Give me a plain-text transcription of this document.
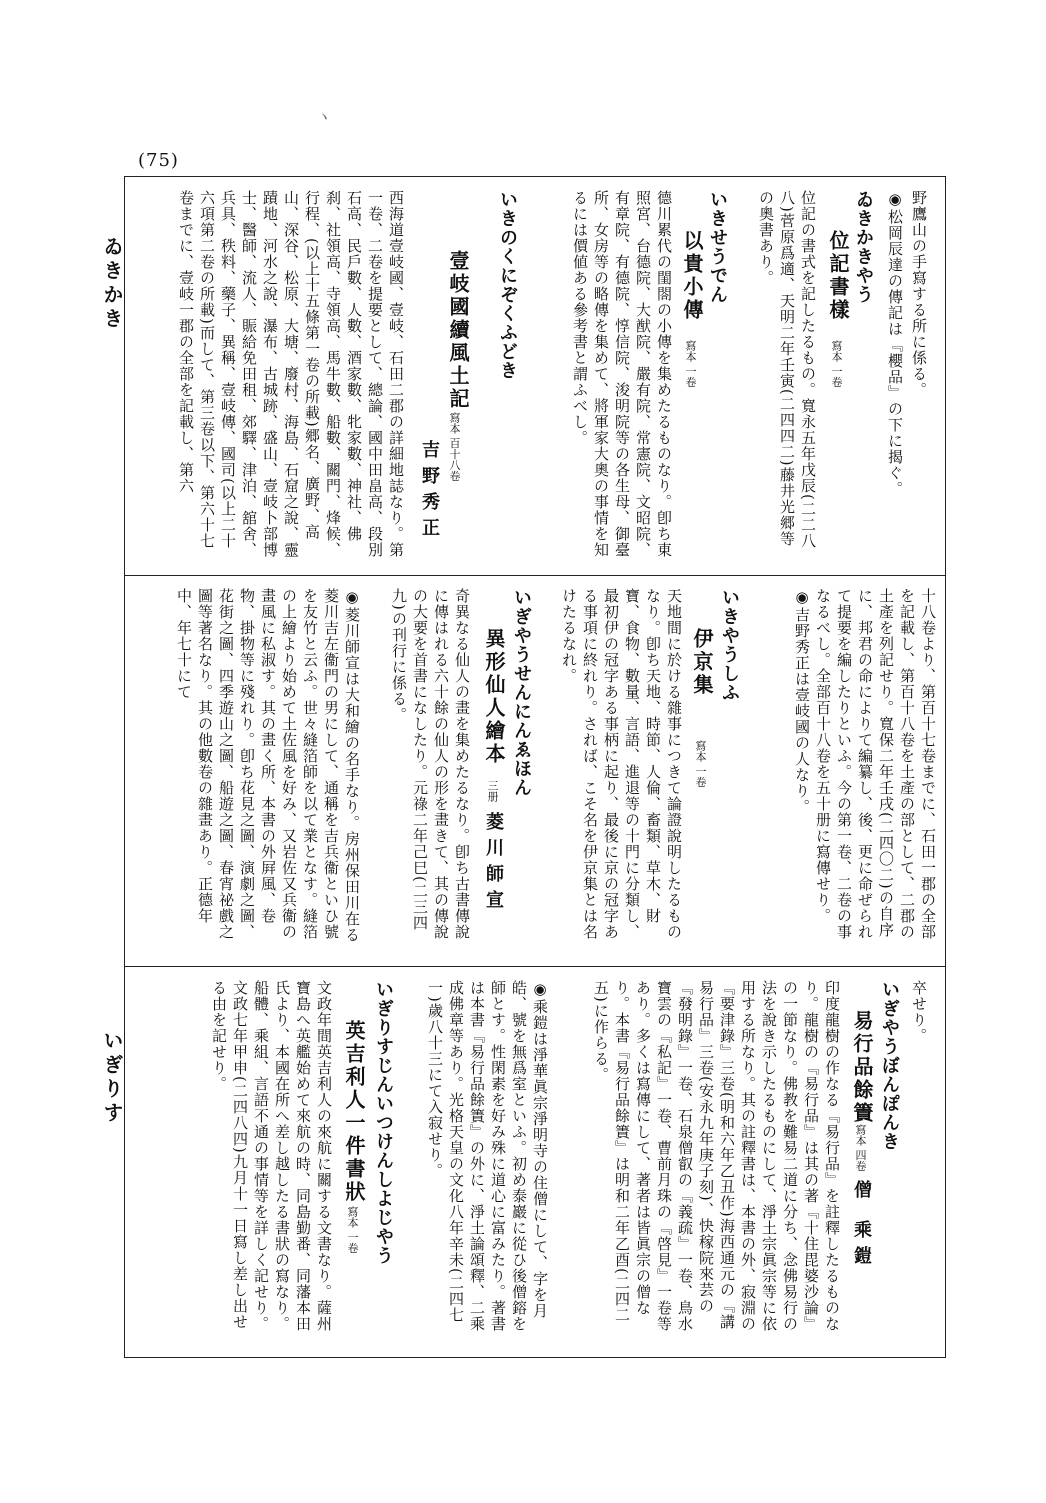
(75)
ゐきかき
いぎりす
ヽ
野鷹山の手寫する所に係る。
◉松岡辰達の傳記は『櫻品』の下に揭ぐ。
ゐきかきやう
位記書樣
寫本 一卷
位記の書式を記したるもの。寬永五年戊辰(二二八八)菅原爲適、天明二年壬寅(二四四二)藤井光郷等の奧書あり。
いきせうでん
以貴小傳
寫本 一卷
德川累代の閨閤の小傳を集めたるものなり。卽ち東照宮、台德院、大猷院、嚴有院、常憲院、文昭院、有章院、有德院、惇信院、浚明院等の各生母、御臺所、女房等の略傳を集めて、將軍家大奧の事情を知るには價値ある參考書と謂ふべし。
いきのくにぞくふどき
壹岐國續風土記
寫本 百十八卷
吉野秀正
西海道壹岐國、壹岐、石田二郡の詳細地誌なり。第一卷、二卷を提要として、總論、國中田畠高、段別石高、民戶數、人數、酒家數、牝家數、神社、佛刹、社領高、寺領高、馬牛數、船數、關門、烽候、行程、(以上十五條第一卷の所載)郷名、廣野、高山、深谷、松原、大塘、廢村、海島、石窟之說、靈蹟地、河水之說、瀑布、古城跡、盛山、壹岐卜部博士、醫師、流人、賑給免田租、郊驛、津泊、舘舍、兵具、秩料、藥子、異稱、壹岐傳、國司(以上二十六項第二卷の所載)而して、第三卷以下、第六十七卷までに、壹岐一郡の全部を記載し、第六
十八卷より、第百十七卷までに、石田一郡の全部を記載し、第百十八卷を土產の部として、二郡の土產を列記せり。寬保二年壬戌(二四〇二)の自序に、邦君の命によりて編纂し、後、更に命ぜられて提要を編したりといふ。今の第一卷、二卷の事なるべし。全部百十八卷を五十册に寫傳せり。
◉吉野秀正は壹岐國の人なり。
いきやうしふ
伊京集
寫本 一卷
天地間に於ける雜事につきて論證說明したるものなり。卽ち天地、時節、人倫、畜類、草木、財寶、食物、數量、言語、進退等の十門に分類し、最初伊の冠字ある事柄に起り、最後に京の冠字ある事項に終れり。されば、こそ名を伊京集とは名けたるなれ。
いぎやうせんにんゑほん
異形仙人繪本
三册
菱川師宣
奇異なる仙人の畫を集めたるなり。卽ち古書傳說に傳はれる六十餘の仙人の形を畫きて、其の傳說の大要を首書になしたり。元祿二年己巳(二三四九)の刊行に係る。
◉菱川師宣は大和繪の名手なり。房州保田川在る菱川吉左衞門の男にして、通稱を吉兵衞といひ號を友竹と云ふ。世々縫箔師を以て業となす。縫箔の上繪より始めて土佐風を好み、又岩佐又兵衞の畫風に私淑す。其の畫く所、本書の外屛風、卷物、掛物等に殘れり。卽ち花見之圖、演劇之圖、花街之圖、四季遊山之圖、船遊之圖、春宵祕戲之圖等著名なり。其の他數卷の雜畫あり。正德年中、年七十にて
卒せり。
いぎやうぼんぽんき
易行品餘簀
寫本 四卷
僧 乘鎧
印度龍樹の作なる『易行品』を註釋したるものなり。龍樹の『易行品』は其の著『十住毘婆沙論』の一節なり。佛教を難易二道に分ち、念佛易行の法を說き示したるものにして、淨土宗眞宗等に依用する所なり。其の註釋書は、本書の外、寂淵の『要津錄』三卷(明和六年乙丑作)海西通元の『講易行品』三卷(安永九年庚子刻)、快稼院來芸の『發明錄』一卷、石泉僧叡の『義疏』一卷、鳥水寶雲の『私記』一卷、曹前月珠の『啓見』一卷等あり。多くは寫傳にして、著者は皆眞宗の僧なり。本書『易行品餘簀』は明和二年乙酉(二四二五)に作らる。
◉乘鎧は淨華眞宗淨明寺の住僧にして、字を月皓、號を無爲室といふ。初め泰巖に從ひ後僧鎔を師とす。性閑素を好み殊に道心に富みたり。著書は本書『易行品餘簀』の外に、淨土論頌釋、二乘成佛章等あり。光格天皇の文化八年辛未(二四七一)歲八十三にて入寂せり。
いぎりすじんいつけんしよじやう
英吉利人一件書狀
寫本 一卷
文政年間英吉利人の來航に關する文書なり。薩州寶島へ英艦始めて來航の時、同島勤番、同藩本田氏より、本國在所へ差し越したる書狀の寫なり。船體、乘組、言語不通の事情等を詳しく記せり。文政七年甲申(二四八四)九月十一日寫し差し出せる由を記せり。
